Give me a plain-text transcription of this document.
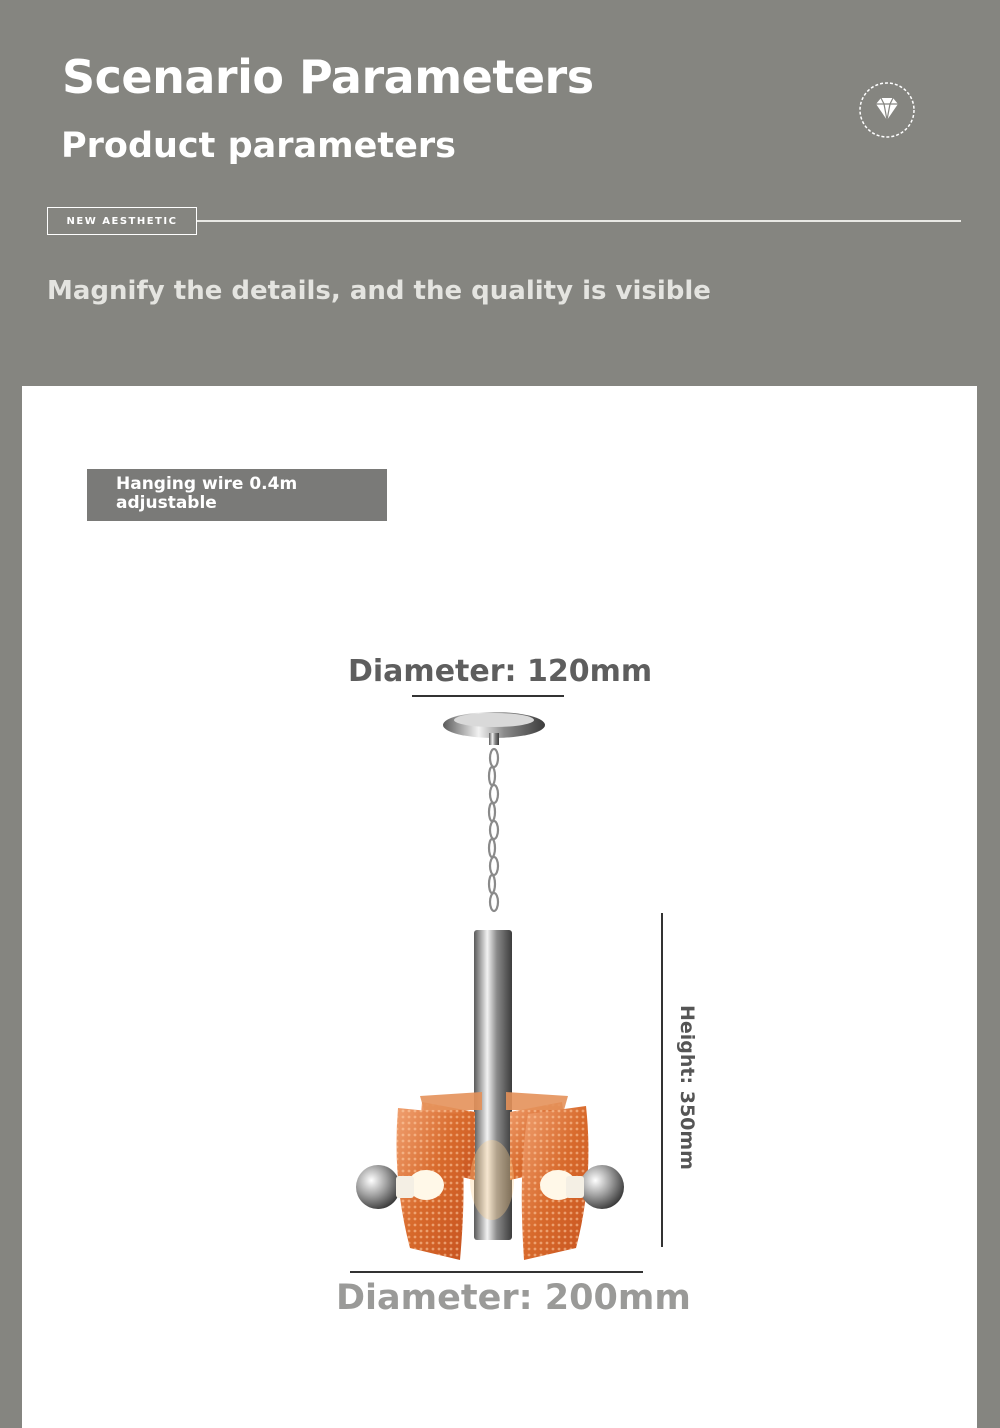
Scenario Parameters
Product parameters
NEW AESTHETIC
Magnify the details, and the quality is visible
Hanging wire 0.4m
adjustable
Diameter: 120mm
Height: 350mm
Diameter: 200mm
